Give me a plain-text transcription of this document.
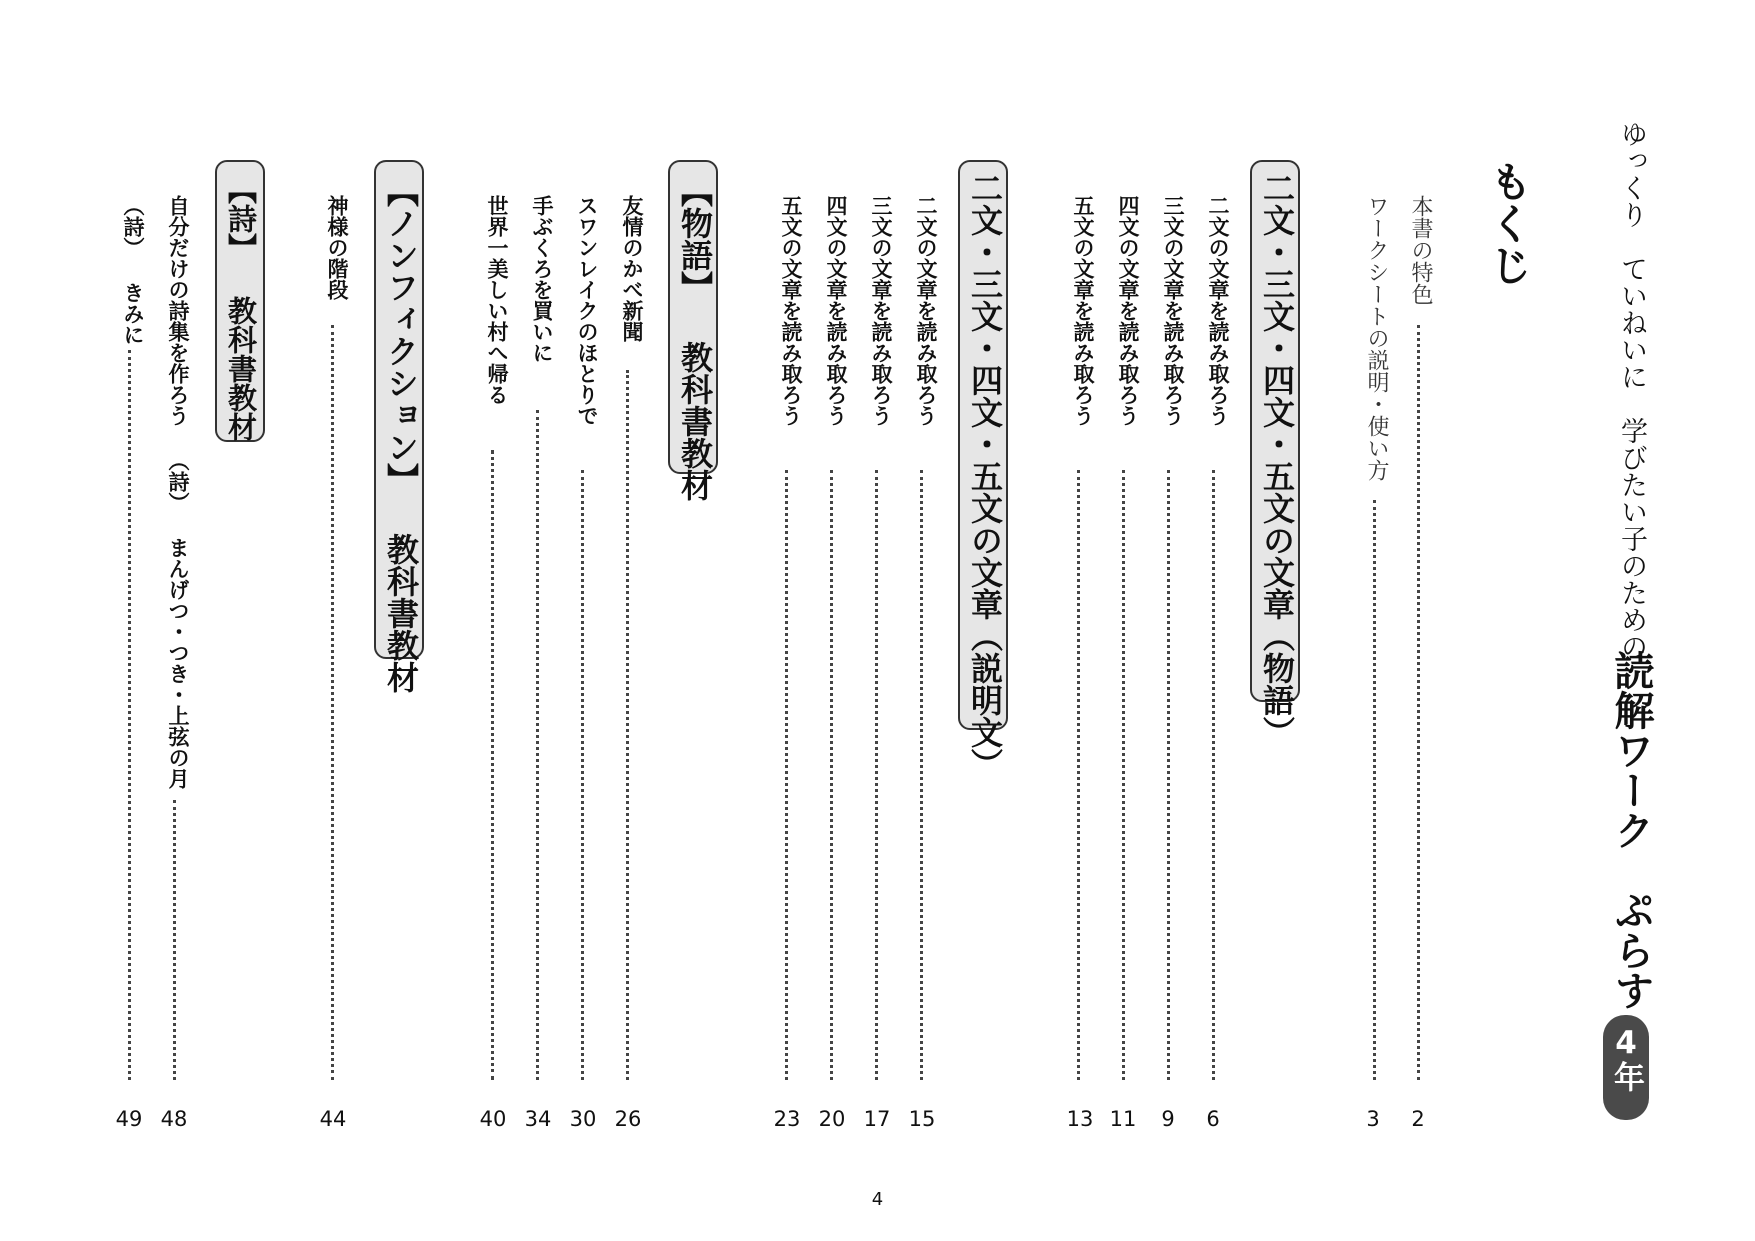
ゆっくり　ていねいに　学びたい子のための
読解ワーク　ぷらす
4年
もくじ
本書の特色
2
ワークシートの説明・使い方
3
二文・三文・四文・五文の文章（物語）
二文の文章を読み取ろう
6
三文の文章を読み取ろう
9
四文の文章を読み取ろう
11
五文の文章を読み取ろう
13
二文・三文・四文・五文の文章（説明文）
二文の文章を読み取ろう
15
三文の文章を読み取ろう
17
四文の文章を読み取ろう
20
五文の文章を読み取ろう
23
【物語】 教科書教材
友情のかべ新聞
26
スワンレイクのほとりで
30
手ぶくろを買いに
34
世界一美しい村へ帰る
40
【ノンフィクション】 教科書教材
神様の階段
44
【詩】 教科書教材
自分だけの詩集を作ろう （詩） まんげつ・つき・上弦の月
48
（詩） きみに
49
4
